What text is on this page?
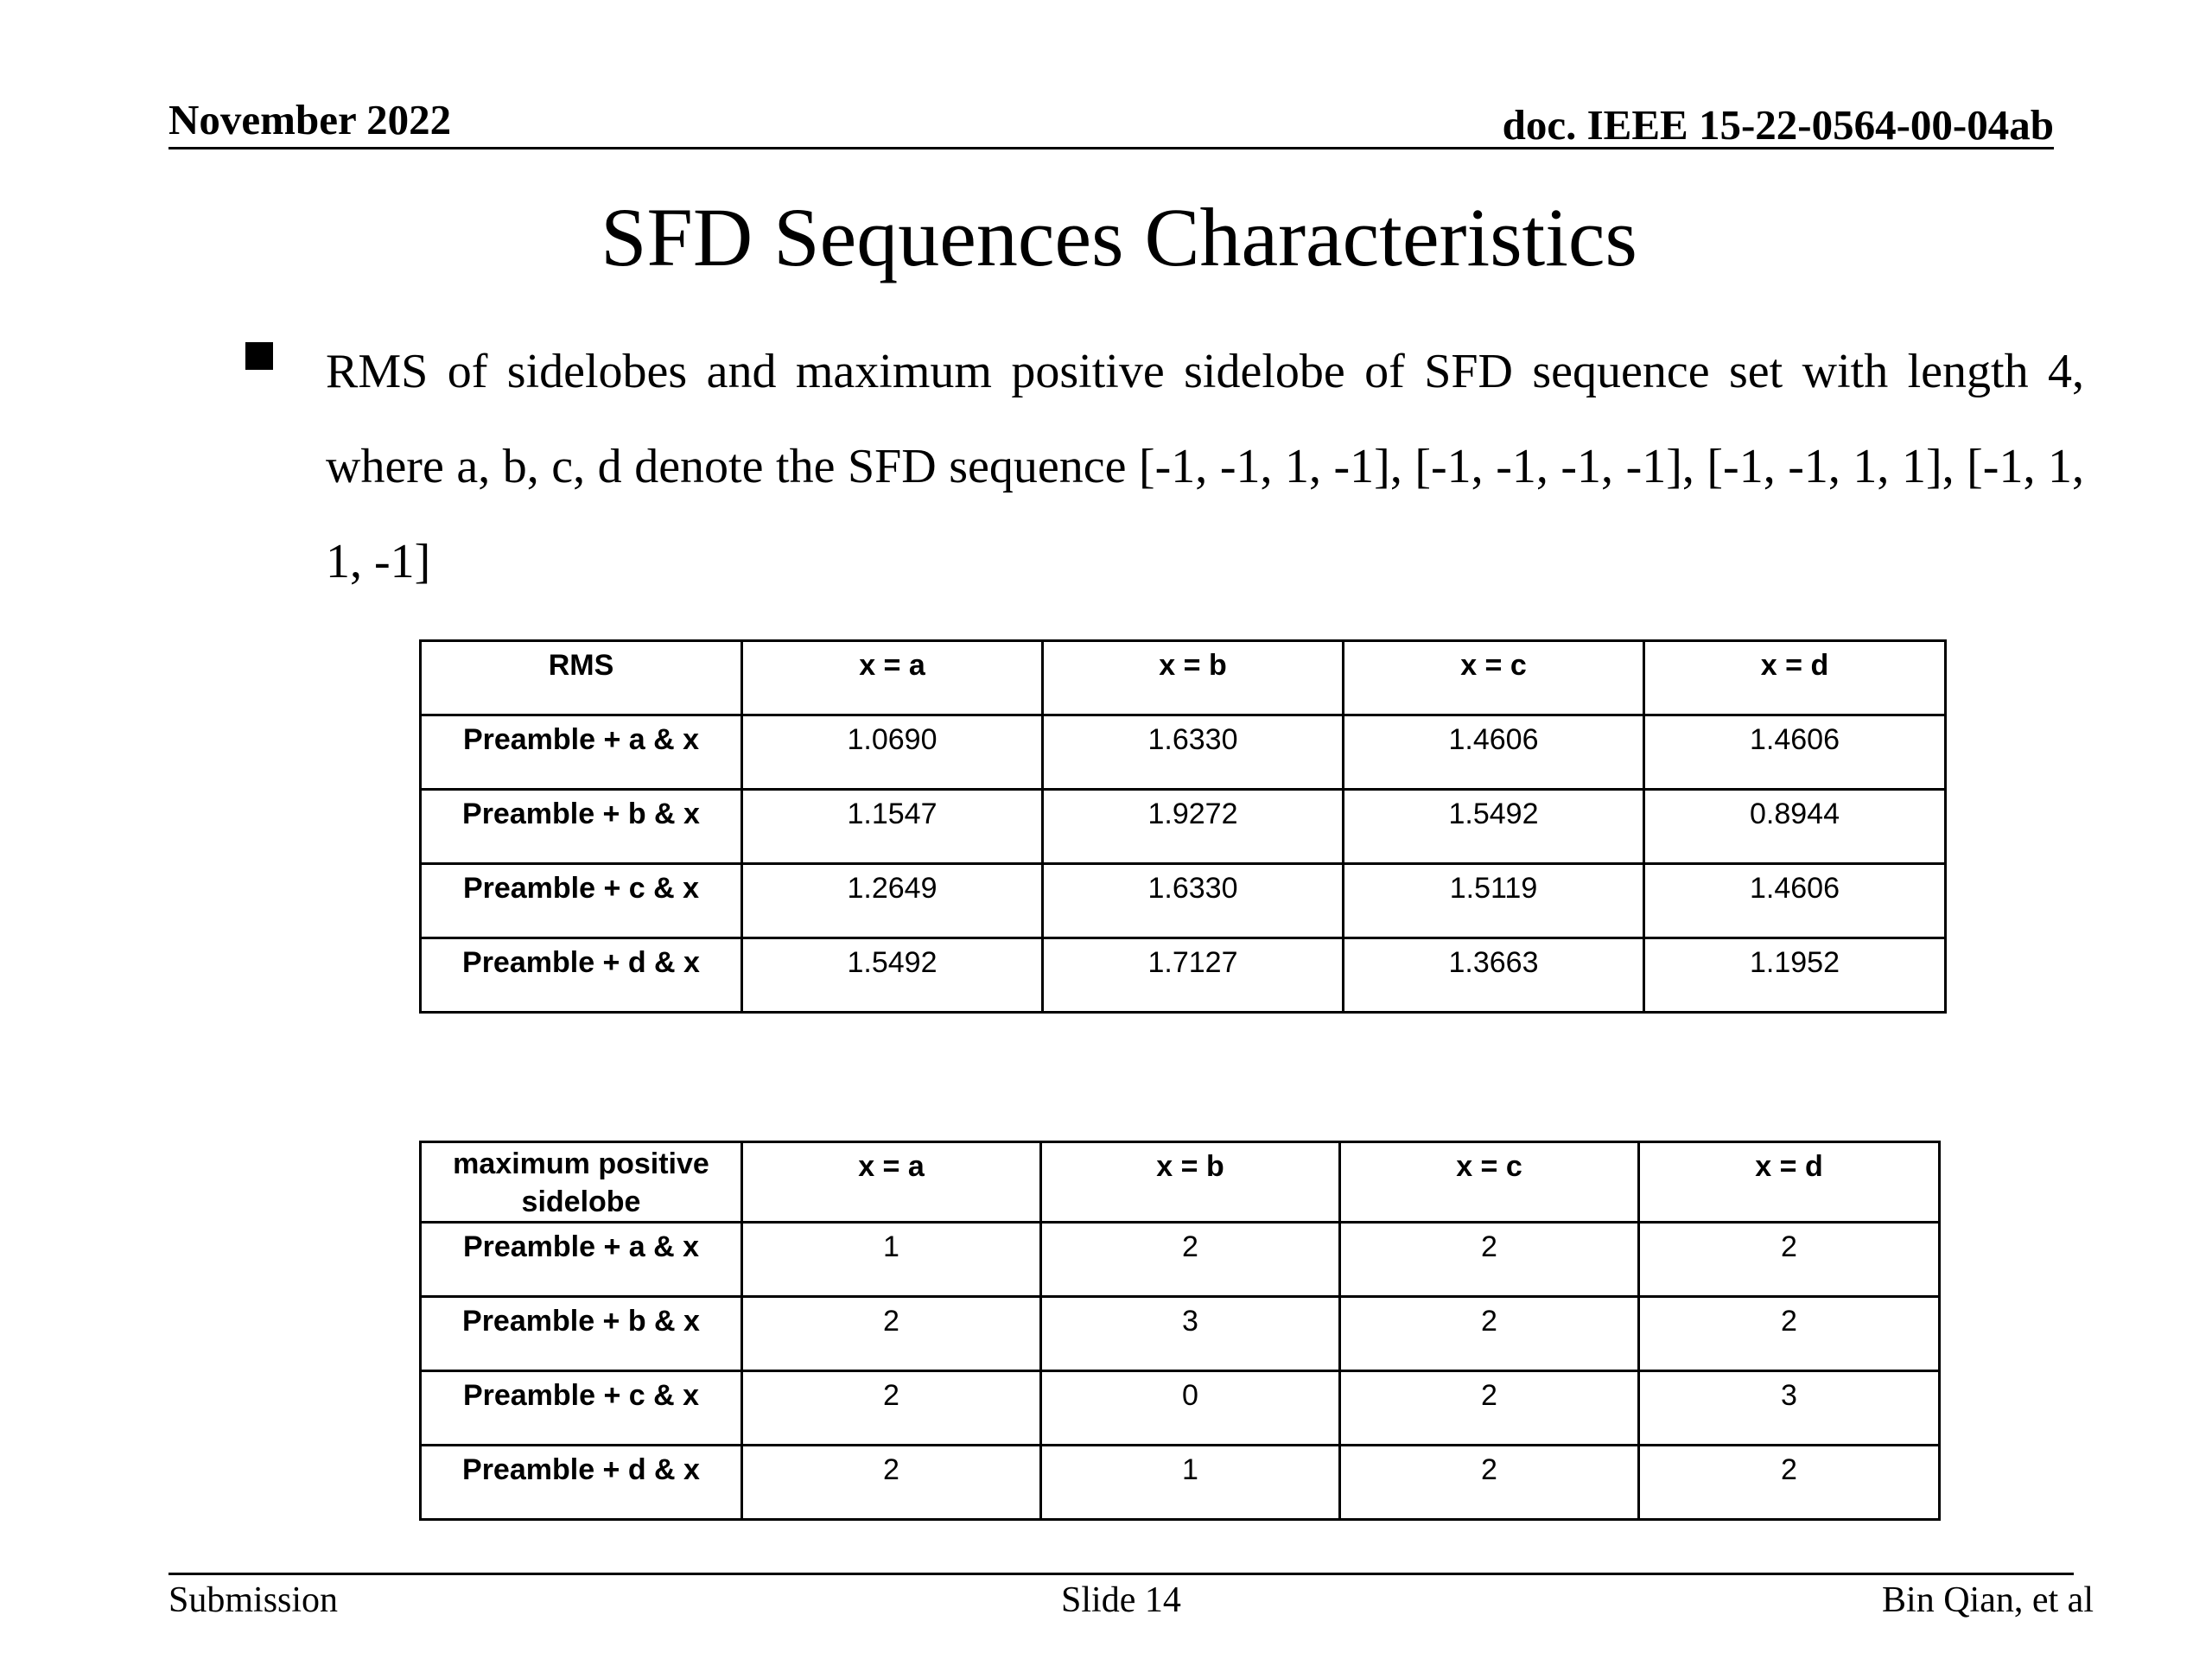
November 2022	doc. IEEE 15-22-0564-00-04ab
SFD Sequences Characteristics
RMS of sidelobes and maximum positive sidelobe of SFD sequence set with length 4, where a, b, c, d denote the SFD sequence [-1, -1, 1, -1], [-1, -1, -1, -1], [-1, -1, 1, 1], [-1, 1, 1, -1]
RMS	x = a	x = b	x = c	x = d
Preamble + a & x	1.0690	1.6330	1.4606	1.4606
Preamble + b & x	1.1547	1.9272	1.5492	0.8944
Preamble + c & x	1.2649	1.6330	1.5119	1.4606
Preamble + d & x	1.5492	1.7127	1.3663	1.1952
maximum positive sidelobe	x = a	x = b	x = c	x = d
Preamble + a & x	1	2	2	2
Preamble + b & x	2	3	2	2
Preamble + c & x	2	0	2	3
Preamble + d & x	2	1	2	2
Submission	Slide 14	Bin Qian, et al
